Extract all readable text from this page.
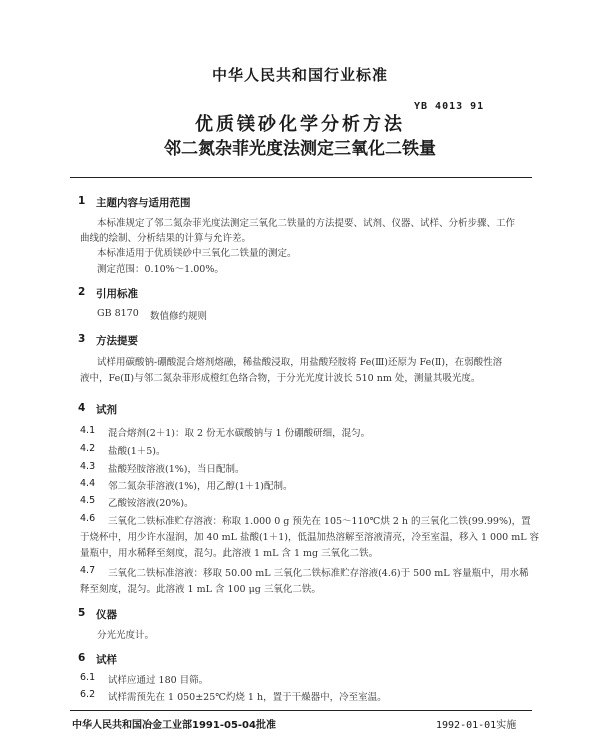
中华人民共和国行业标准
YB 4013 91
优质镁砂化学分析方法
邻二氮杂菲光度法测定三氧化二铁量
1 主题内容与适用范围
本标准规定了邻二氮杂菲光度法测定三氧化二铁量的方法提要、试剂、仪器、试样、分析步骤、工作
曲线的绘制、分析结果的计算与允许差。
本标准适用于优质镁砂中三氧化二铁量的测定。
测定范围：0.10%～1.00%。
2 引用标准
GB 8170 数值修约规则
3 方法提要
试样用碳酸钠-硼酸混合熔剂熔融，稀盐酸浸取，用盐酸羟胺将 Fe(Ⅲ)还原为 Fe(Ⅱ)，在弱酸性溶
液中，Fe(Ⅱ)与邻二氮杂菲形成橙红色络合物，于分光光度计波长 510 nm 处，测量其吸光度。
4 试剂
4.1 混合熔剂(2＋1)：取 2 份无水碳酸钠与 1 份硼酸研细，混匀。
4.2 盐酸(1＋5)。
4.3 盐酸羟胺溶液(1%)，当日配制。
4.4 邻二氮杂菲溶液(1%)，用乙醇(1＋1)配制。
4.5 乙酸铵溶液(20%)。
4.6 三氧化二铁标准贮存溶液：称取 1.000 0 g 预先在 105～110℃烘 2 h 的三氧化二铁(99.99%)，置
于烧杯中，用少许水湿润，加 40 mL 盐酸(1＋1)，低温加热溶解至溶液清亮，冷至室温，移入 1 000 mL 容
量瓶中，用水稀释至刻度，混匀。此溶液 1 mL 含 1 mg 三氧化二铁。
4.7 三氧化二铁标准溶液：移取 50.00 mL 三氧化二铁标准贮存溶液(4.6)于 500 mL 容量瓶中，用水稀
释至刻度，混匀。此溶液 1 mL 含 100 μg 三氧化二铁。
5 仪器
分光光度计。
6 试样
6.1 试样应通过 180 目筛。
6.2 试样需预先在 1 050±25℃灼烧 1 h，置于干燥器中，冷至室温。
中华人民共和国冶金工业部1991-05-04批准	1992-01-01实施
